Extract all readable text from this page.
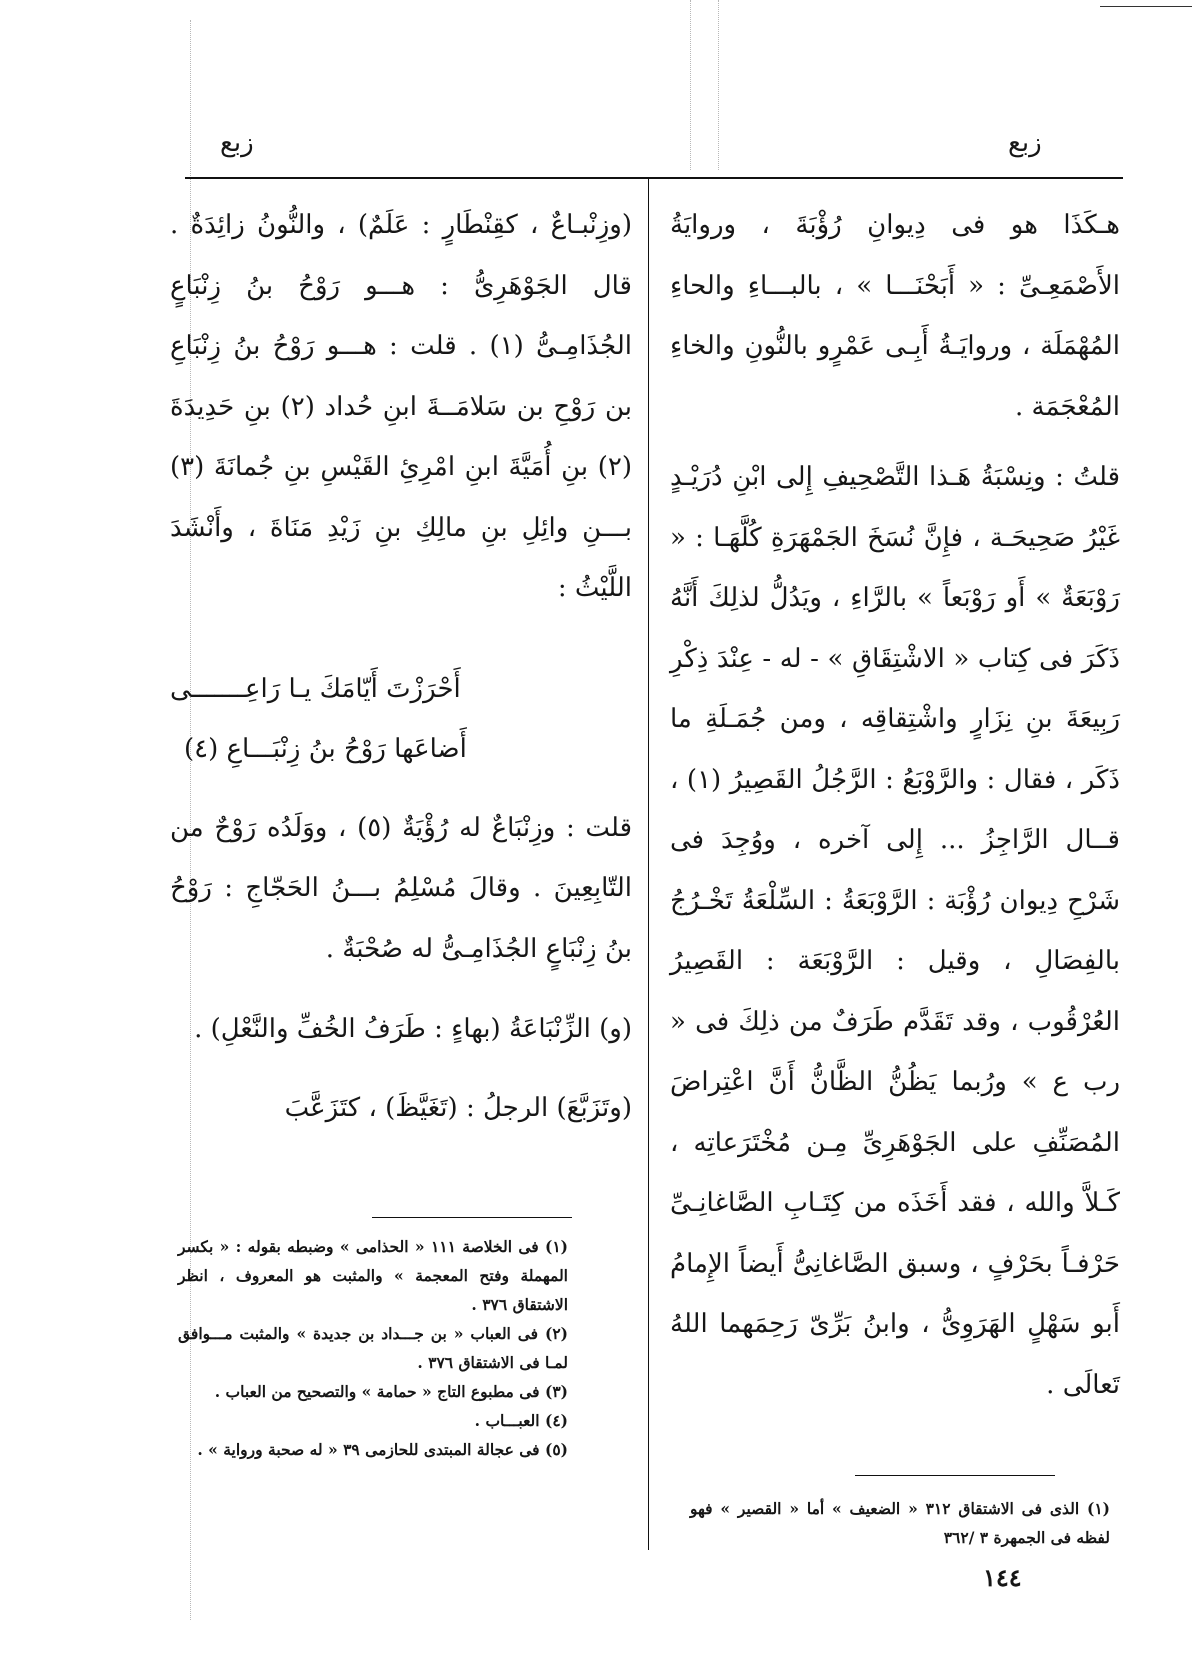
زبع
زبع

هـكَذَا هو فى دِيوانِ رُؤْبَةَ ، وروايَةُ الأَصْمَعِـىِّ : « أَبَحْنَـــا » ، بالبـــاءِ والحاءِ المُهْمَلَة ، وروايَـةُ أَبِـى عَمْرٍو بالنُّونِ والخاءِ المُعْجَمَة .

قلتُ : ونِسْبَةُ هَـذا التَّصْحِيفِ إِلى ابْنِ دُرَيْـدٍ غَيْرُ صَحِيحَـة ، فإِنَّ نُسَخَ الجَمْهَرَةِ كُلَّهَـا : « رَوْبَعَةٌ » أَو رَوْبَعاً » بالرَّاءِ ، ويَدُلُّ لذلِكَ أَنَّهُ ذَكَرَ فى كِتاب « الاشْتِقَاقِ » - له - عِنْدَ ذِكْرِ رَبِيعَةَ بنِ نِزَارٍ واشْتِقاقِه ، ومن جُمَـلَةِ ما ذَكَر ، فقال : والرَّوْبَعُ : الرَّجُلُ القَصِيرُ (١) ، قــال الرَّاجِزُ ... إِلى آخره ، ووُجِدَ فى شَرْحِ دِيوان رُؤْبَة : الرَّوْبَعَةُ : السِّلْعَةُ تَخْـرُجُ بالفِصَالِ ، وقيل : الرَّوْبَعَة : القَصِيرُ العُرْقُوب ، وقد تَقَدَّم طَرَفٌ من ذلِكَ فى « رب ع » ورُبما يَظُنُّ الظَّانُّ أَنَّ اعْتِراضَ المُصَنِّفِ على الجَوْهَرِىِّ مِـن مُخْتَرَعاتِه ، كَـلاَّ والله ، فقد أَخَذَه من كِتَـابِ الصَّاغانِـىِّ حَرْفـاً بحَرْفٍ ، وسبق الصَّاغانِىُّ أَيضاً الإِمامُ أَبو سَهْلٍ الهَرَوِىُّ ، وابنُ بَرِّىّ رَحِمَهما اللهُ تَعالَى .

(وزِنْبـاعٌ ، كقِنْطَارٍ : عَلَمٌ) ، والنُّونُ زائِدَةٌ . قال الجَوْهَرِىُّ : هـــو رَوْحُ بنُ زِنْبَاعٍ الجُذَامِـىُّ (١) . قلت : هـــو رَوْحُ بنُ زِنْبَاعِ بن رَوْحِ بن سَلامَــةَ ابنِ حُداد (٢) بنِ حَدِيدَةَ (٢) بنِ أُمَيَّةَ ابنِ امْرِئِ القَيْسِ بنِ جُمانَةَ (٣) بـــنِ وائِلِ بنِ مالِكِ بنِ زَيْدِ مَنَاةَ ، وأَنْشَدَ اللَّيْثُ :

أَحْرَزْتَ أَيّامَكَ يـا رَاعِـــــــى

أَضاعَها رَوْحُ بنُ زِنْبَـــاعِ (٤)

قلت : وزِنْبَاعٌ له رُؤْيَةٌ (٥) ، ووَلَدُه رَوْحٌ من التّابِعِينَ . وقالَ مُسْلِمُ بـــنُ الحَجّاجِ : رَوْحُ بنُ زِنْبَاعٍ الجُذَامِـىُّ له صُحْبَةٌ .

(و) الزِّنْبَاعَةُ (بهاءٍ : طَرَفُ الخُفِّ والنَّعْلِ) .

(وتَزَبَّعَ) الرجلُ : (تَغَيَّظَ) ، كتَزَعَّبَ

(١) فى الخلاصة ١١١ « الحذامى » وضبطه بقوله : « بكسر المهملة وفتح المعجمة » والمثبت هو المعروف ، انظر الاشتقاق ٣٧٦ .

(٢) فى العباب « بن جـــداد بن جديدة » والمثبت مـــوافق لمـا فى الاشتقاق ٣٧٦ .

(٣) فى مطبوع التاج « حمامة » والتصحيح من العباب .

(٤) العبـــاب .

(٥) فى عجالة المبتدى للحازمى ٣٩ « له صحبة ورواية » .

(١) الذى فى الاشتقاق ٣١٢ « الضعيف » أما « القصير » فهو لفظه فى الجمهرة ٣ /٣٦٢

١٤٤
